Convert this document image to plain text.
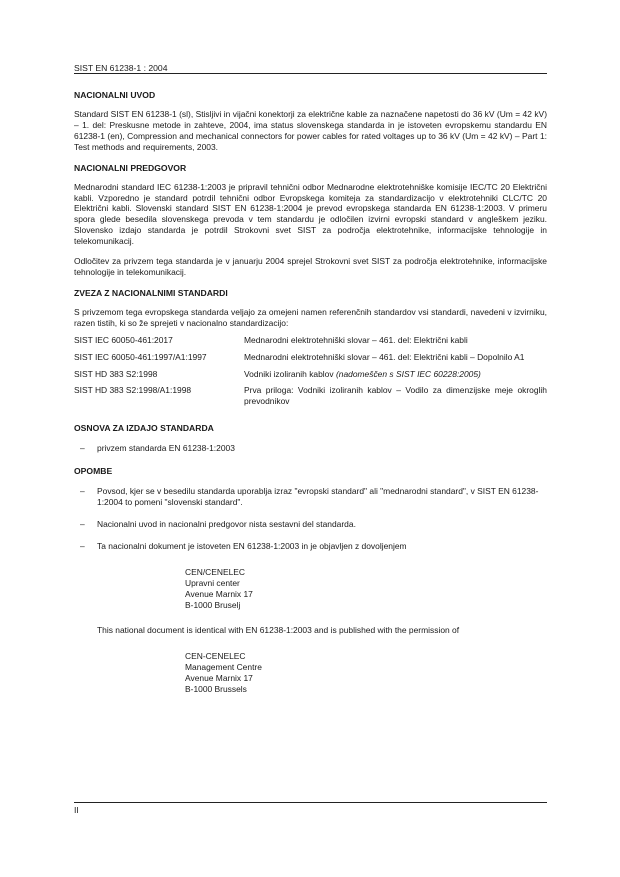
SIST EN 61238-1 : 2004
NACIONALNI UVOD

Standard SIST EN 61238-1 (sl), Stisljivi in vijačni konektorji za električne kable za naznačene napetosti do 36 kV (Um = 42 kV) – 1. del: Preskusne metode in zahteve, 2004, ima status slovenskega standarda in je istoveten evropskemu standardu EN 61238-1 (en), Compression and mechanical connectors for power cables for rated voltages up to 36 kV (Um = 42 kV) – Part 1: Test methods and requirements, 2003.

NACIONALNI PREDGOVOR

Mednarodni standard IEC 61238-1:2003 je pripravil tehnični odbor Mednarodne elektrotehniške komisije IEC/TC 20 Električni kabli. Vzporedno je standard potrdil tehnični odbor Evropskega komiteja za standardizacijo v elektrotehniki CLC/TC 20 Električni kabli. Slovenski standard SIST EN 61238-1:2004 je prevod evropskega standarda EN 61238-1:2003. V primeru spora glede besedila slovenskega prevoda v tem standardu je odločilen izvirni evropski standard v angleškem jeziku. Slovensko izdajo standarda je potrdil Strokovni svet SIST za področja elektrotehnike, informacijske tehnologije in telekomunikacij.

Odločitev za privzem tega standarda je v januarju 2004 sprejel Strokovni svet SIST za področja elektrotehnike, informacijske tehnologije in telekomunikacij.

ZVEZA Z NACIONALNIMI STANDARDI

S privzemom tega evropskega standarda veljajo za omejeni namen referenčnih standardov vsi standardi, navedeni v izvirniku, razen tistih, ki so že sprejeti v nacionalno standardizacijo:

SIST IEC 60050-461:2017	Mednarodni elektrotehniški slovar – 461. del: Električni kabli
SIST IEC 60050-461:1997/A1:1997	Mednarodni elektrotehniški slovar – 461. del: Električni kabli – Dopolnilo A1
SIST HD 383 S2:1998	Vodniki izoliranih kablov (nadomeščen s SIST IEC 60228:2005)
SIST HD 383 S2:1998/A1:1998	Prva priloga: Vodniki izoliranih kablov – Vodilo za dimenzijske meje okroglih prevodnikov
OSNOVA ZA IZDAJO STANDARDA
–	privzem standarda EN 61238-1:2003
OPOMBE
–	Povsod, kjer se v besedilu standarda uporablja izraz "evropski standard" ali "mednarodni standard", v SIST EN 61238-1:2004 to pomeni "slovenski standard".
–	Nacionalni uvod in nacionalni predgovor nista sestavni del standarda.
–	Ta nacionalni dokument je istoveten EN 61238-1:2003 in je objavljen z dovoljenjem
CEN/CENELEC
Upravni center
Avenue Marnix 17
B-1000 Bruselj
This national document is identical with EN 61238-1:2003 and is published with the permission of
CEN-CENELEC
Management Centre
Avenue Marnix 17
B-1000 Brussels
II
